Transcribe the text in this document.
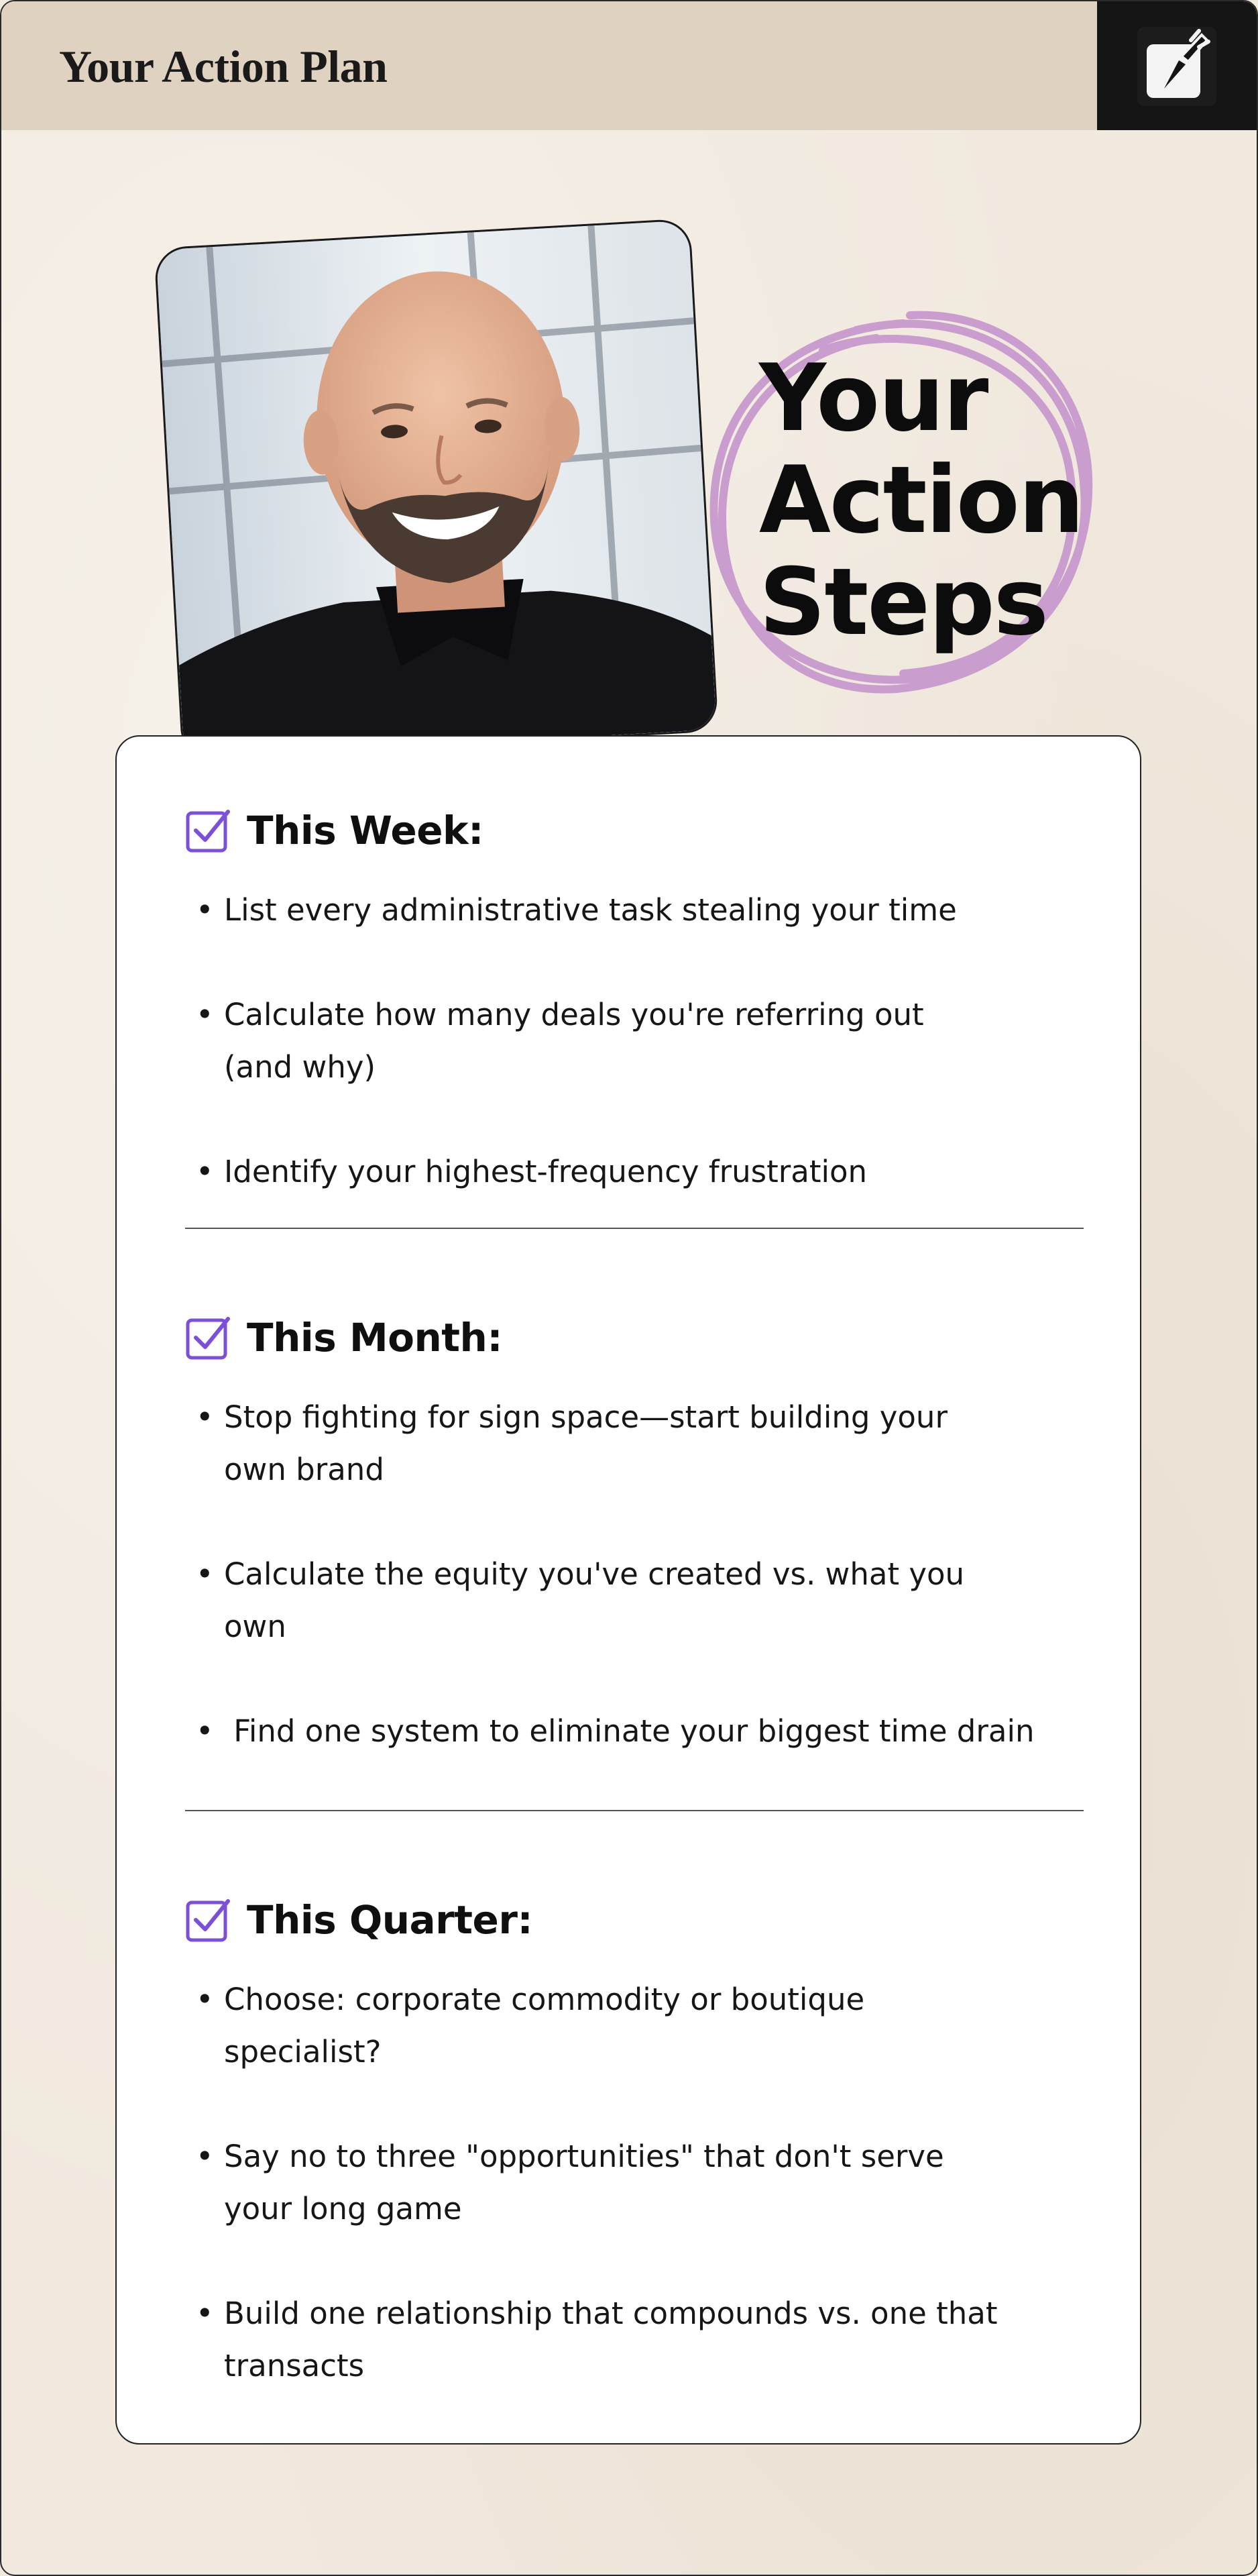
Your Action Plan
Your
Action
Steps
This Week:
• List every administrative task stealing your time
• Calculate how many deals you're referring out (and why)
• Identify your highest-frequency frustration
This Month:
• Stop fighting for sign space—start building your own brand
• Calculate the equity you've created vs. what you own
• Find one system to eliminate your biggest time drain
This Quarter:
• Choose: corporate commodity or boutique specialist?
• Say no to three "opportunities" that don't serve your long game
• Build one relationship that compounds vs. one that transacts
